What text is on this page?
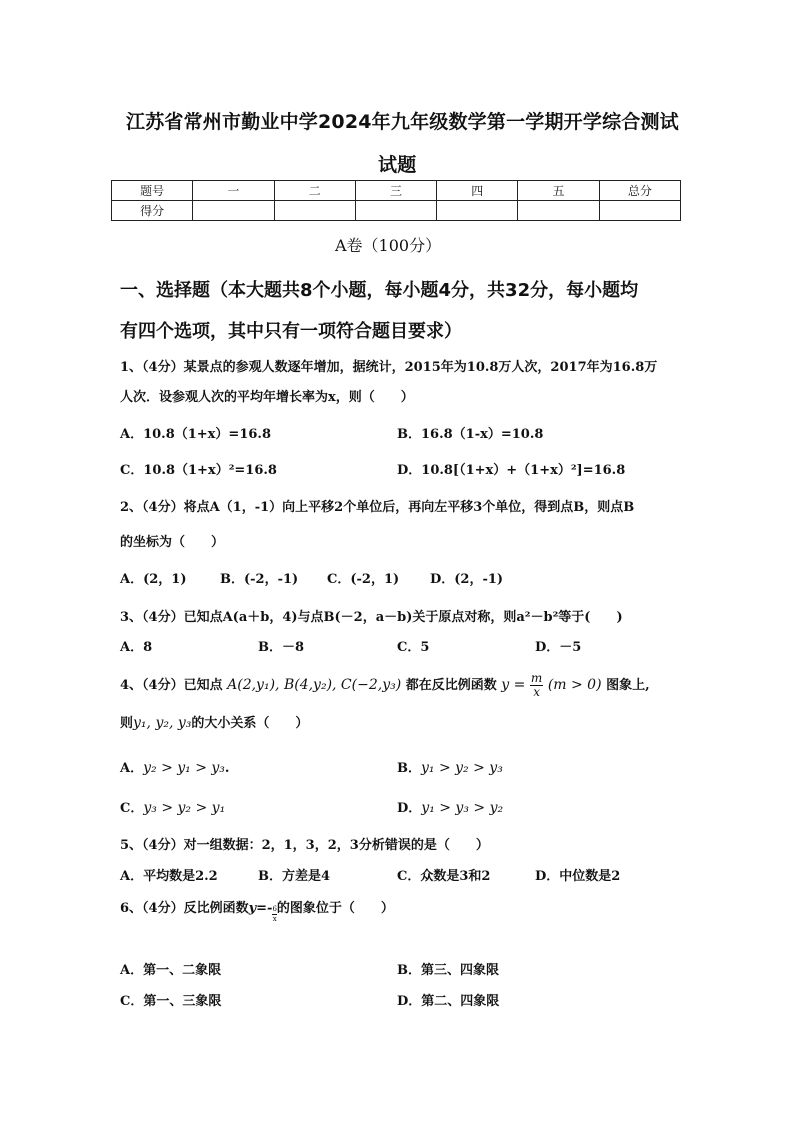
江苏省常州市勤业中学2024年九年级数学第一学期开学综合测试
试题
题号	一	二	三	四	五	总分
得分						
A卷（100分）
一、选择题（本大题共8个小题，每小题4分，共32分，每小题均
有四个选项，其中只有一项符合题目要求）
1、（4分）某景点的参观人数逐年增加，据统计，2015年为10.8万人次，2017年为16.8万
人次．设参观人次的平均年增长率为x，则（　　）
A．10.8（1+x）=16.8	B．16.8（1-x）=10.8
C．10.8（1+x）²=16.8	D．10.8[（1+x）+（1+x）²]=16.8
2、（4分）将点A（1，-1）向上平移2个单位后，再向左平移3个单位，得到点B，则点B
的坐标为（　　）
A．(2，1)	B．(-2，-1) C．(-2，1) D．(2，-1)
3、（4分）已知点A(a＋b，4)与点B(－2，a－b)关于原点对称，则a²－b²等于(　　)
A．8	B．－8	C．5	D．－5
4、（4分）已知点 A(2,y₁), B(4,y₂), C(−2,y₃) 都在反比例函数 $y = \frac{m}{x} (m > 0)$ 图象上,
则y₁, y₂, y₃的大小关系（　　）
A．y₂ > y₁ > y₃.	B．y₁ > y₂ > y₃
C．y₃ > y₂ > y₁	D．y₁ > y₃ > y₂
5、（4分）对一组数据：2，1，3，2，3分析错误的是（　　）
A．平均数是2.2	B．方差是4	C．众数是3和2	D．中位数是2
6、（4分）反比例函数$y=- \frac{6}{x}$的图象位于（　　）
A．第一、二象限	B．第三、四象限
C．第一、三象限	D．第二、四象限
